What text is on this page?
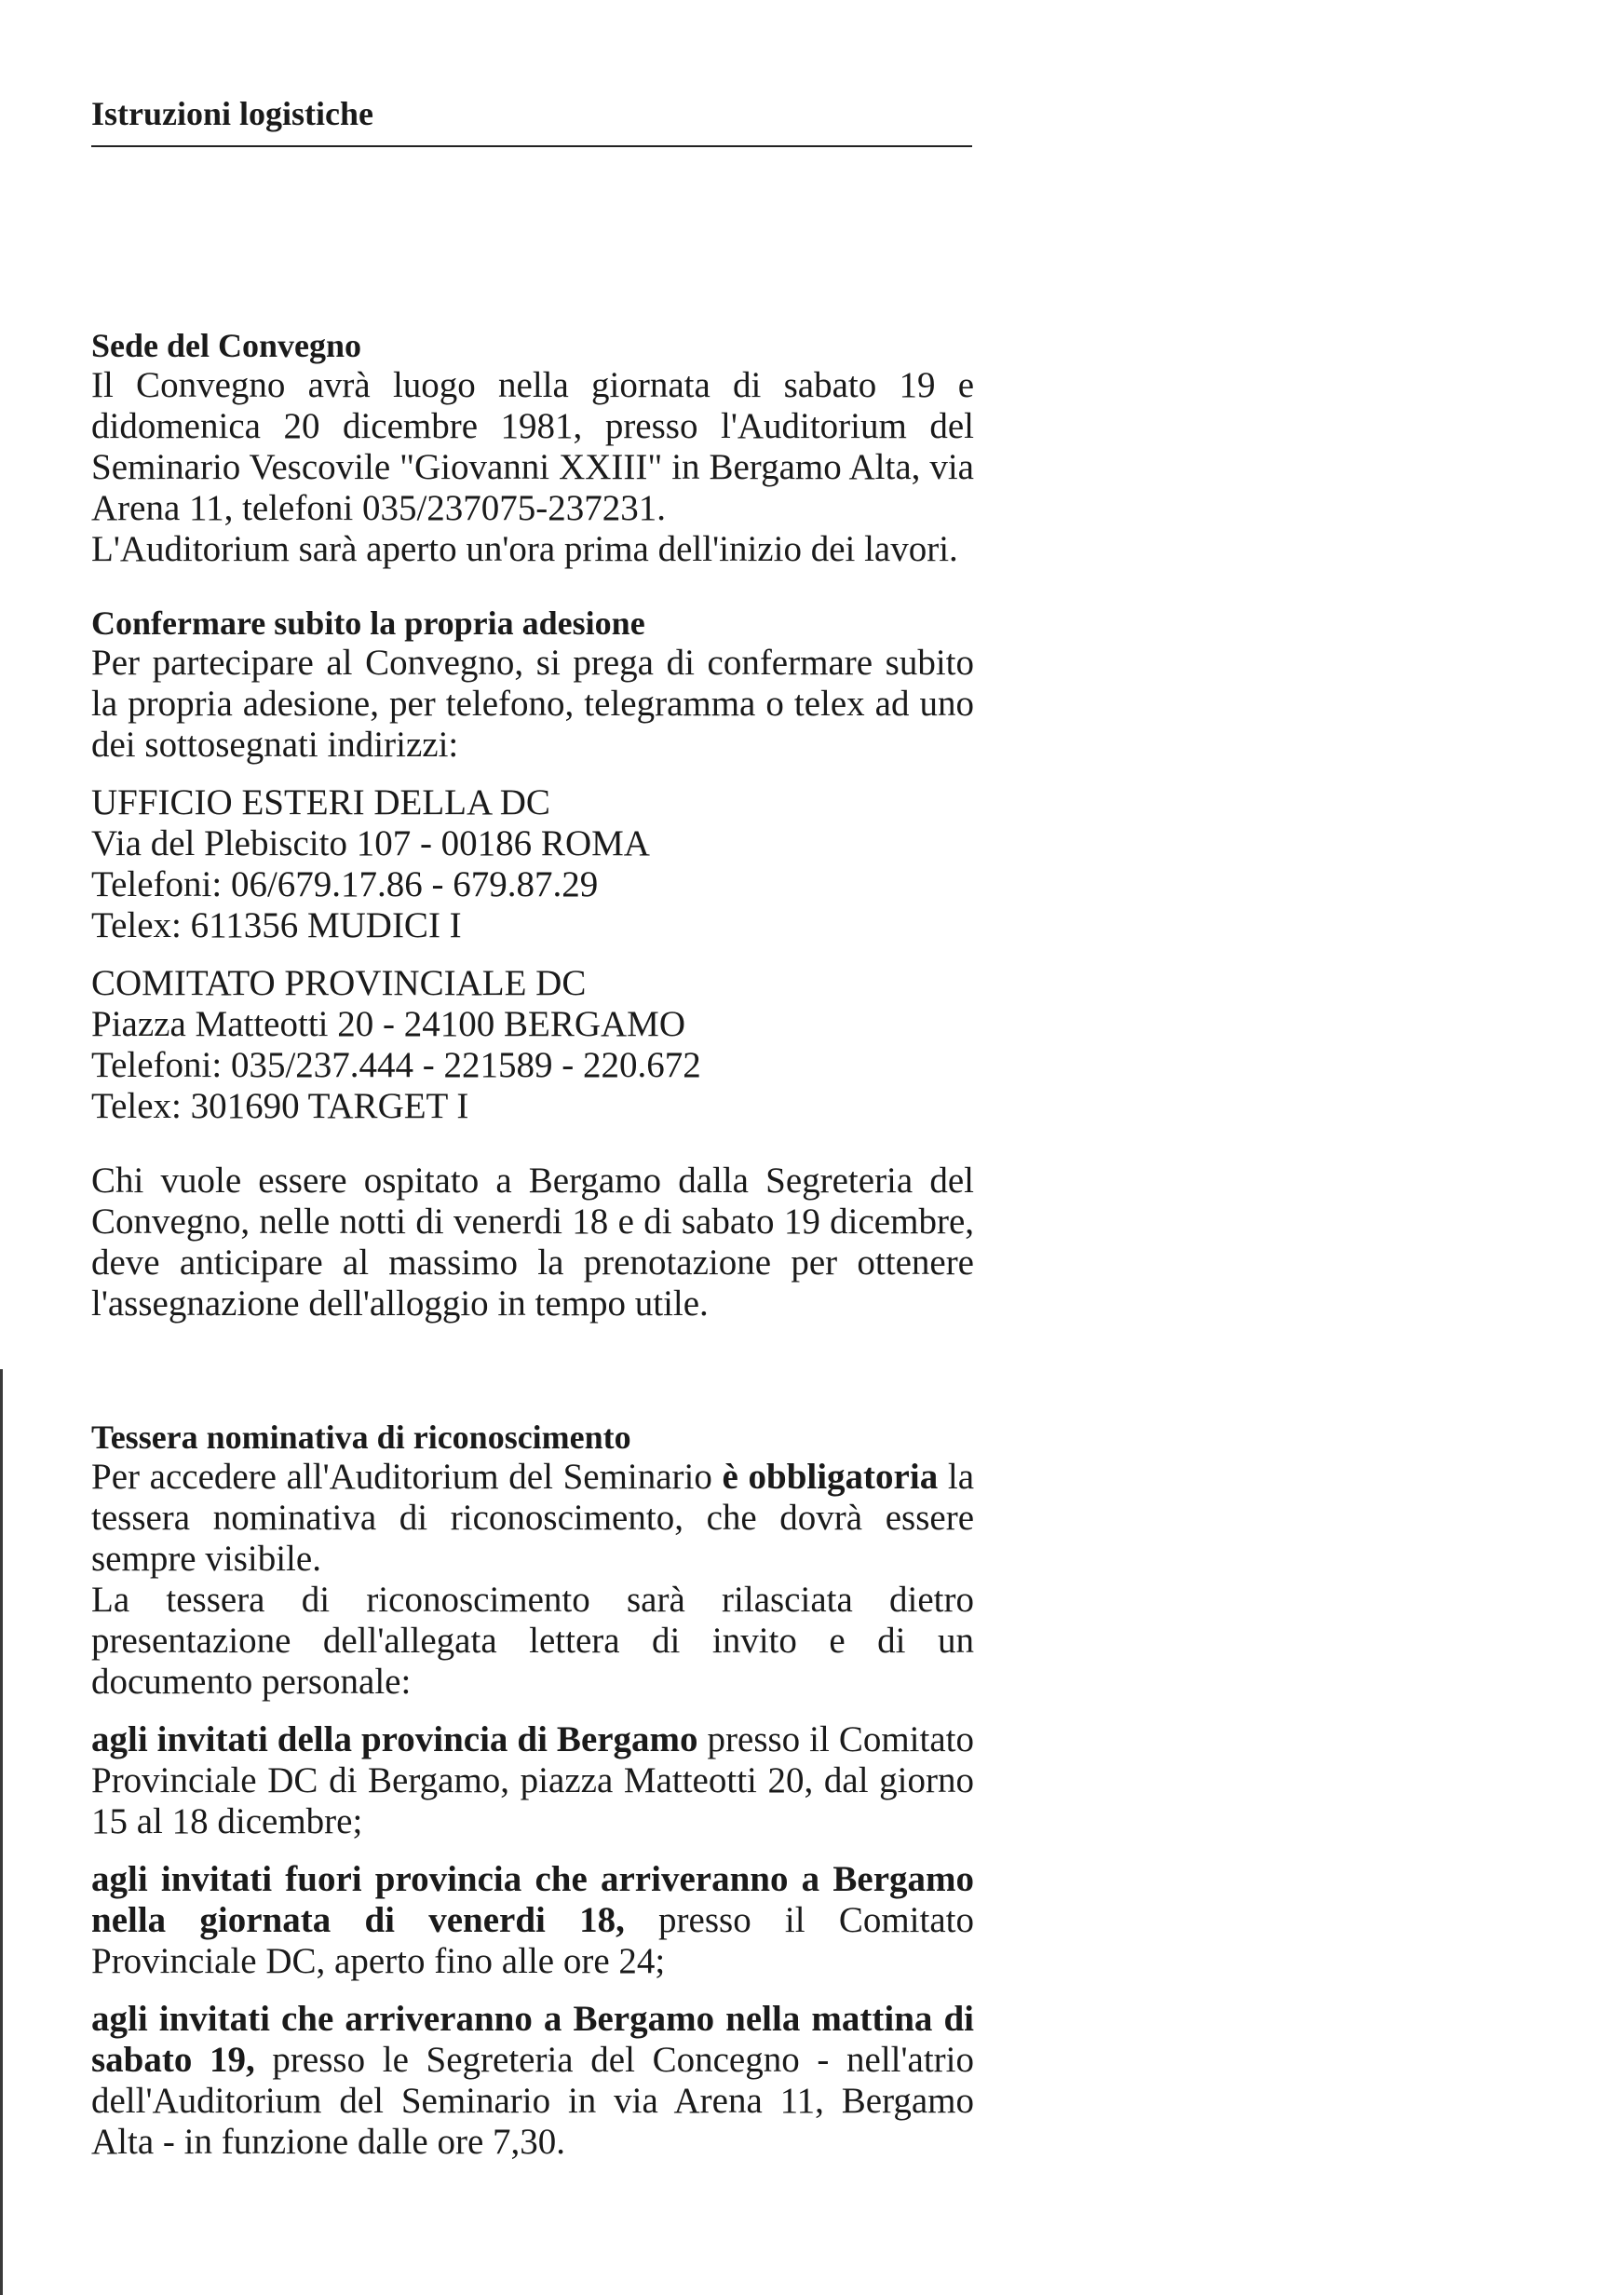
Istruzioni logistiche

Sede del Convegno

Il Convegno avrà luogo nella giornata di sabato 19 e didomenica 20 dicembre 1981, presso l'Auditorium del Seminario Vescovile "Giovanni XXIII" in Bergamo Alta, via Arena 11, telefoni 035/237075-237231.

L'Auditorium sarà aperto un'ora prima dell'inizio dei lavori.

Confermare subito la propria adesione

Per partecipare al Convegno, si prega di confermare subito la propria adesione, per telefono, telegramma o telex ad uno dei sottosegnati indirizzi:

UFFICIO ESTERI DELLA DC
Via del Plebiscito 107 - 00186 ROMA
Telefoni: 06/679.17.86 - 679.87.29
Telex: 611356 MUDICI I
COMITATO PROVINCIALE DC
Piazza Matteotti 20 - 24100 BERGAMO
Telefoni: 035/237.444 - 221589 - 220.672
Telex: 301690 TARGET I

Chi vuole essere ospitato a Bergamo dalla Segreteria del Convegno, nelle notti di venerdi 18 e di sabato 19 dicembre, deve anticipare al massimo la prenotazione per ottenere l'assegnazione dell'alloggio in tempo utile.

Tessera nominativa di riconoscimento

Per accedere all'Auditorium del Seminario è obbligatoria la tessera nominativa di riconoscimento, che dovrà essere sempre visibile.

La tessera di riconoscimento sarà rilasciata dietro presentazione dell'allegata lettera di invito e di un documento personale:

agli invitati della provincia di Bergamo presso il Comitato Provinciale DC di Bergamo, piazza Matteotti 20, dal giorno 15 al 18 dicembre;

agli invitati fuori provincia che arriveranno a Bergamo nella giornata di venerdi 18, presso il Comitato Provinciale DC, aperto fino alle ore 24;

agli invitati che arriveranno a Bergamo nella mattina di sabato 19, presso le Segreteria del Concegno - nell'atrio dell'Auditorium del Seminario in via Arena 11, Bergamo Alta - in funzione dalle ore 7,30.
